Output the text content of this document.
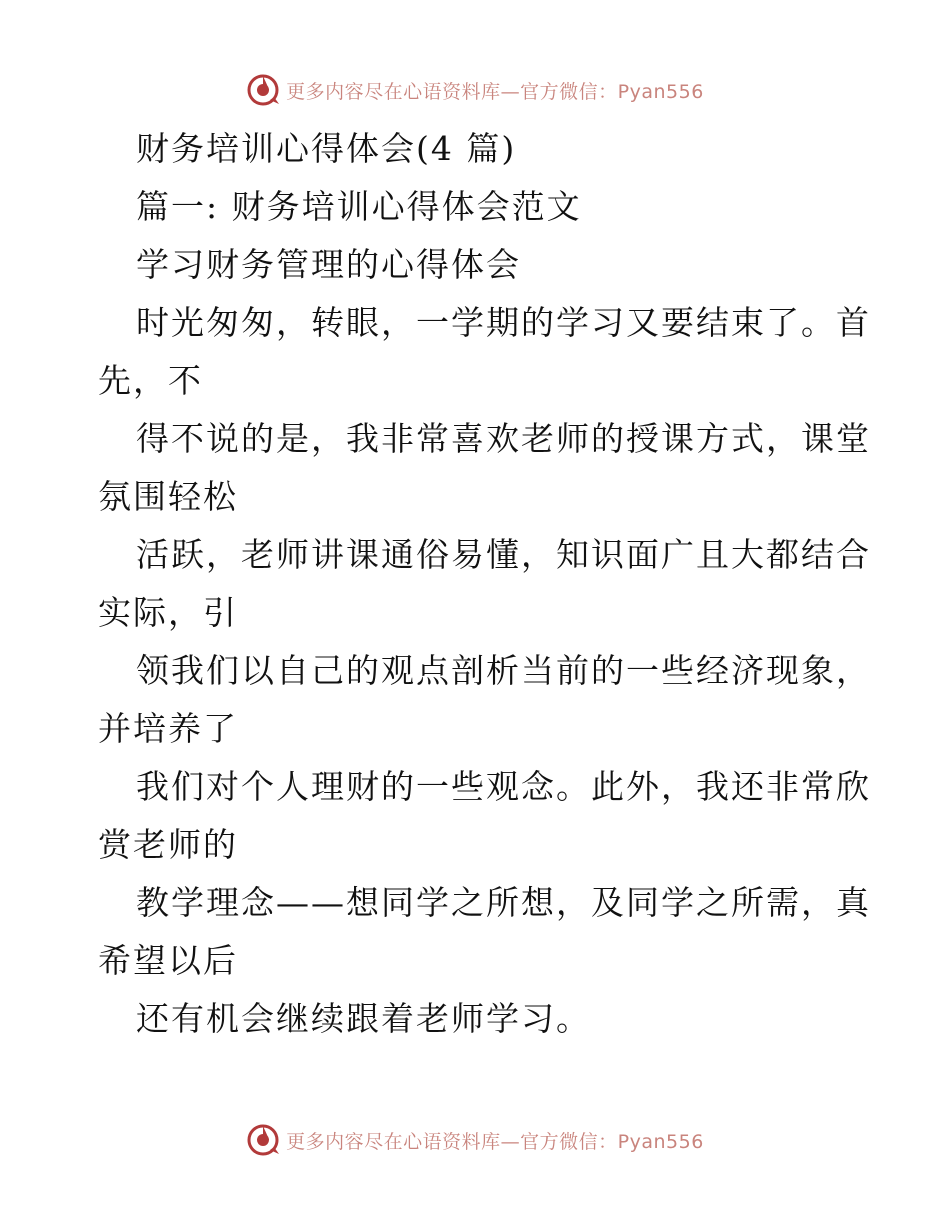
更多内容尽在心语资料库—官方微信：Pyan556
财务培训心得体会(4 篇)
篇一: 财务培训心得体会范文
学习财务管理的心得体会
时光匆匆，转眼，一学期的学习又要结束了。首
先，不
得不说的是，我非常喜欢老师的授课方式，课堂
氛围轻松
活跃，老师讲课通俗易懂，知识面广且大都结合
实际，引
领我们以自己的观点剖析当前的一些经济现象，
并培养了
我们对个人理财的一些观念。此外，我还非常欣
赏老师的
教学理念——想同学之所想，及同学之所需，真
希望以后
还有机会继续跟着老师学习。
更多内容尽在心语资料库—官方微信：Pyan556
